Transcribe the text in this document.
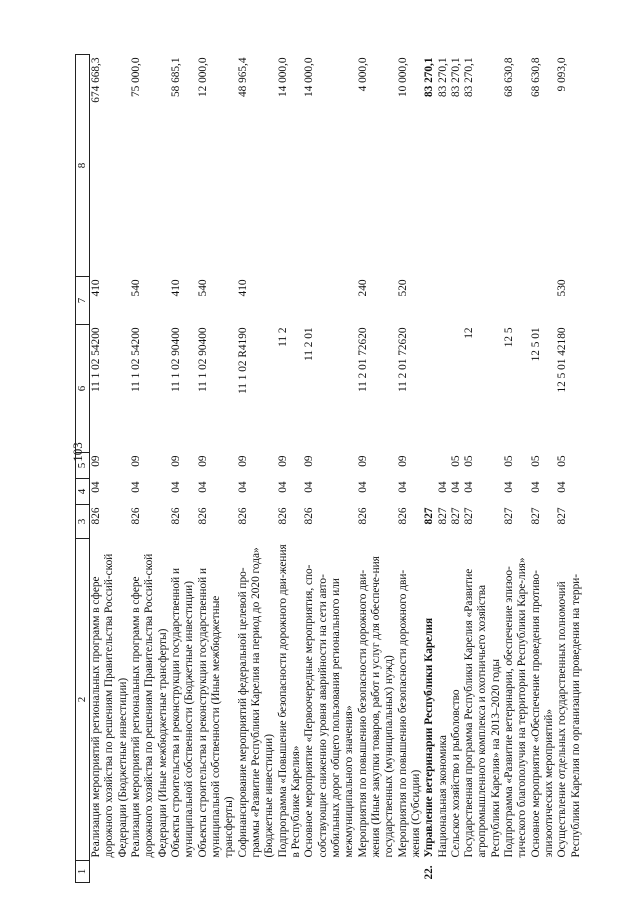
103
1	2	3	4	5	6	7	8
	Реализация мероприятий региональных программ в сфере дорожного хозяйства по решениям Правительства Россий-ской Федерации (Бюджетные инвестиции)	826	04	09	11 1 02 54200	410	674 668,3
	Реализация мероприятий региональных программ в сфере дорожного хозяйства по решениям Правительства Россий-ской Федерации (Иные межбюджетные трансферты)	826	04	09	11 1 02 54200	540	75 000,0
	Объекты строительства и реконструкции государственной и муниципальной собственности (Бюджетные инвестиции)	826	04	09	11 1 02 90400	410	58 685,1
	Объекты строительства и реконструкции государственной и муниципальной собственности (Иные межбюджетные трансферты)	826	04	09	11 1 02 90400	540	12 000,0
	Софинансирование мероприятий федеральной целевой про-граммы «Развитие Республики Карелия на период до 2020 года» (Бюджетные инвестиции)	826	04	09	11 1 02 R4190	410	48 965,4
	Подпрограмма «Повышение безопасности дорожного дви-жения в Республике Карелия»	826	04	09	11 2		14 000,0
	Основное мероприятие «Первоочередные мероприятия, спо-собствующие снижению уровня аварийности на сети авто-мобильных дорог общего пользования регионального или межмуниципального значения»	826	04	09	11 2 01		14 000,0
	Мероприятия по повышению безопасности дорожного дви-жения (Иные закупки товаров, работ и услуг для обеспече-ния государственных (муниципальных) нужд)	826	04	09	11 2 01 72620	240	4 000,0
	Мероприятия по повышению безопасности дорожного дви-жения (Субсидии)	826	04	09	11 2 01 72620	520	10 000,0
22.	Управление ветеринарии Республики Карелия	827					83 270,1
	Национальная экономика	827	04				83 270,1
	Сельское хозяйство и рыболовство	827	04	05			83 270,1
	Государственная программа Республики Карелия «Развитие агропромышленного комплекса и охотничьего хозяйства Республики Карелия» на 2013–2020 годы	827	04	05	12		83 270,1
	Подпрограмма «Развитие ветеринарии, обеспечение эпизоо-тического благополучия на территории Республики Каре-лия»	827	04	05	12 5		68 630,8
	Основное мероприятие «Обеспечение проведения противо-эпизоотических мероприятий»	827	04	05	12 5 01		68 630,8
	Осуществление отдельных государственных полномочий Республики Карелия по организации проведения на терри-	827	04	05	12 5 01 42180	530	9 093,0
